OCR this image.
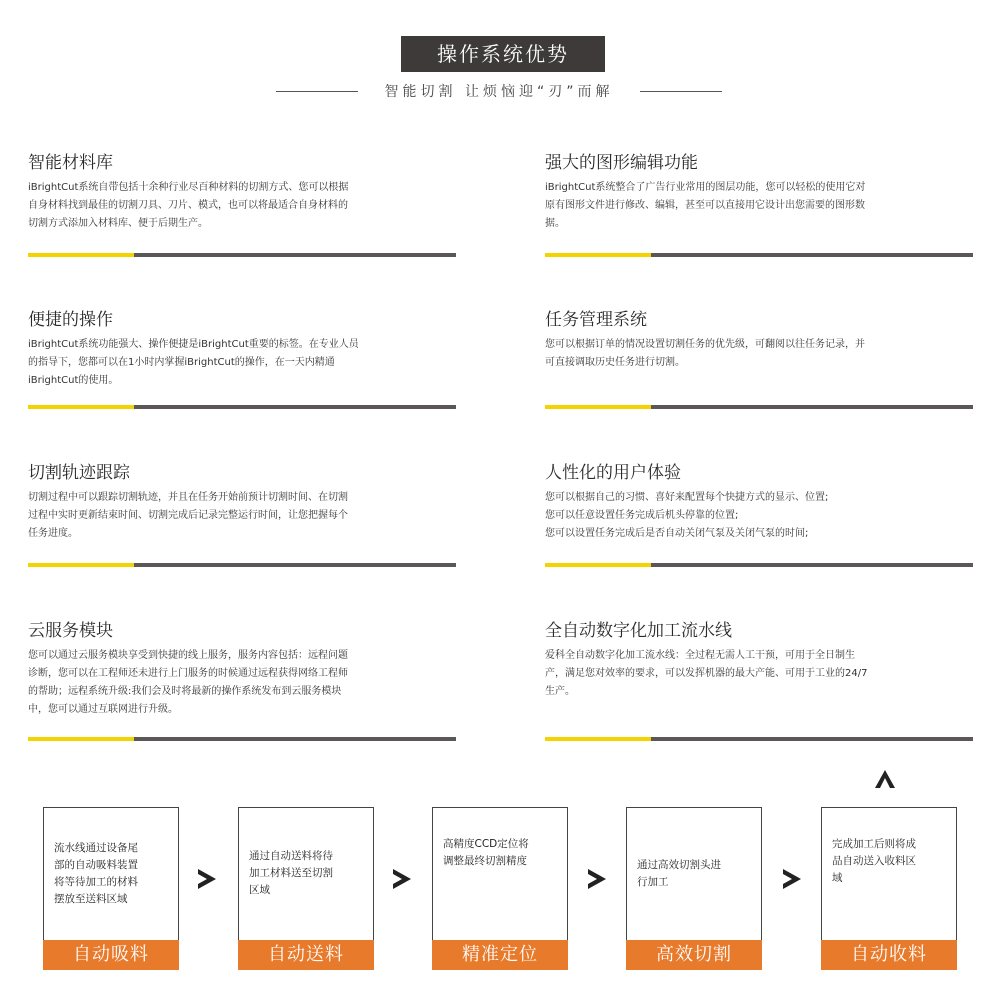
操作系统优势
智能切割 让烦恼迎“刃”而解
智能材料库
iBrightCut系统自带包括十余种行业尽百种材料的切割方式、您可以根据
自身材料找到最佳的切割刀具、刀片、模式，也可以将最适合自身材料的
切割方式添加入材料库、便于后期生产。
强大的图形编辑功能
iBrightCut系统整合了广告行业常用的图层功能，您可以轻松的使用它对
原有图形文件进行修改、编辑，甚至可以直接用它设计出您需要的图形数
据。
便捷的操作
iBrightCut系统功能强大、操作便捷是iBrightCut重要的标签。在专业人员
的指导下，您都可以在1小时内掌握iBrightCut的操作，在一天内精通
iBrightCut的使用。
任务管理系统
您可以根据订单的情况设置切割任务的优先级，可翻阅以往任务记录，并
可直接调取历史任务进行切割。
切割轨迹跟踪
切割过程中可以跟踪切割轨迹，并且在任务开始前预计切割时间、在切割
过程中实时更新结束时间、切割完成后记录完整运行时间，让您把握每个
任务进度。
人性化的用户体验
您可以根据自己的习惯、喜好来配置每个快捷方式的显示、位置;
您可以任意设置任务完成后机头停靠的位置;
您可以设置任务完成后是否自动关闭气泵及关闭气泵的时间;
云服务模块
您可以通过云服务模块享受到快捷的线上服务，服务内容包括：远程问题
诊断，您可以在工程师还未进行上门服务的时候通过远程获得网络工程师
的帮助；远程系统升级:我们会及时将最新的操作系统发布到云服务模块
中，您可以通过互联网进行升级。
全自动数字化加工流水线
爱科全自动数字化加工流水线：全过程无需人工干预，可用于全日制生
产，满足您对效率的要求，可以发挥机器的最大产能、可用于工业的24/7
生产。
流水线通过设备尾
部的自动吸料装置
将等待加工的材料
摆放至送料区域
自动吸料
通过自动送料将待
加工材料送至切割
区域
自动送料
高精度CCD定位将
调整最终切割精度
精准定位
通过高效切割头进
行加工
高效切割
完成加工后则将成
品自动送入收料区
域
自动收料
